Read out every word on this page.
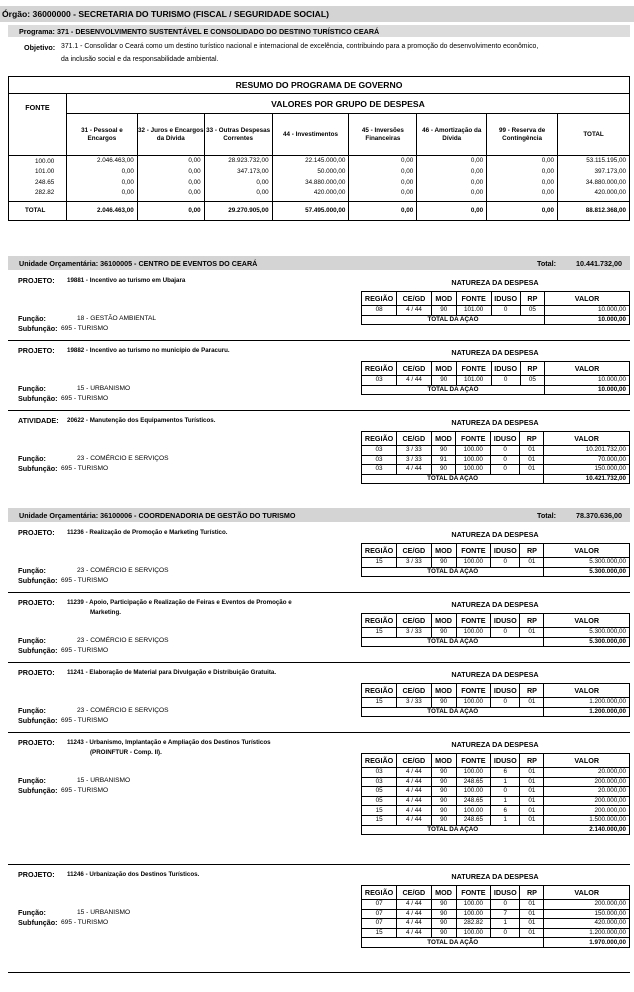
Órgão: 36000000 - SECRETARIA DO TURISMO (FISCAL / SEGURIDADE SOCIAL)
Programa: 371 - DESENVOLVIMENTO SUSTENTÁVEL E CONSOLIDADO DO DESTINO TURÍSTICO CEARÁ
Objetivo: 371.1 - Consolidar o Ceará como um destino turístico nacional e internacional de excelência, contribuindo para a promoção do desenvolvimento econômico,
da inclusão social e da responsabilidade ambiental.
RESUMO DO PROGRAMA DE GOVERNO								
FONTE	VALORES POR GRUPO DE DESPESA							
	31 - Pessoal e Encargos	32 - Juros e Encargos da Dívida	33 - Outras Despesas Correntes	44 - Investimentos	45 - Inversões Financeiras	46 - Amortização da Dívida	99 - Reserva de Contingência	TOTAL
100.00	2.046.463,00	0,00	28.923.732,00	22.145.000,00	0,00	0,00	0,00	53.115.195,00
101.00	0,00	0,00	347.173,00	50.000,00	0,00	0,00	0,00	397.173,00
248.65	0,00	0,00	0,00	34.880.000,00	0,00	0,00	0,00	34.880.000,00
282.82	0,00	0,00	0,00	420.000,00	0,00	0,00	0,00	420.000,00
TOTAL	2.046.463,00	0,00	29.270.905,00	57.495.000,00	0,00	0,00	0,00	88.812.368,00
Unidade Orçamentária: 36100005 - CENTRO DE EVENTOS DO CEARÁ	Total:	10.441.732,00
Unidade Orçamentária: 36100006 - COORDENADORIA DE GESTÃO DO TURISMO	Total:	78.370.636,00
PROJETO: 19881 - Incentivo ao turismo em Ubajara	NATUREZA DA DESPESA
REGIÃO	CE/GD	MOD	FONTE	IDUSO	RP	VALOR
08	4 / 44	90	101.00	0	05	10.000,00
TOTAL DA AÇÃO						10.000,00
Função:	18 - GESTÃO AMBIENTAL
Subfunção: 695 - TURISMO
PROJETO: 19882 - Incentivo ao turismo no município de Paracuru.	NATUREZA DA DESPESA
REGIÃO	CE/GD	MOD	FONTE	IDUSO	RP	VALOR
03	4 / 44	90	101.00	0	05	10.000,00
TOTAL DA AÇÃO						10.000,00
Função:	15 - URBANISMO
Subfunção: 695 - TURISMO
ATIVIDADE: 20622 - Manutenção dos Equipamentos Turísticos.	NATUREZA DA DESPESA
REGIÃO	CE/GD	MOD	FONTE	IDUSO	RP	VALOR
03	3 / 33	90	100.00	0	01	10.201.732,00
03	3 / 33	91	100.00	0	01	70.000,00
03	4 / 44	90	100.00	0	01	150.000,00
TOTAL DA AÇÃO						10.421.732,00
Função:	23 - COMÉRCIO E SERVIÇOS
Subfunção: 695 - TURISMO
PROJETO: 11236 - Realização de Promoção e Marketing Turístico.	NATUREZA DA DESPESA
REGIÃO	CE/GD	MOD	FONTE	IDUSO	RP	VALOR
15	3 / 33	90	100.00	0	01	5.300.000,00
TOTAL DA AÇÃO						5.300.000,00
Função:	23 - COMÉRCIO E SERVIÇOS
Subfunção: 695 - TURISMO
PROJETO: 11239 - Apoio, Participação e Realização de Feiras e Eventos de Promoção e
Marketing.
NATUREZA DA DESPESA
REGIÃO	CE/GD	MOD	FONTE	IDUSO	RP	VALOR
15	3 / 33	90	100.00	0	01	5.300.000,00
TOTAL DA AÇÃO						5.300.000,00
Função:	23 - COMÉRCIO E SERVIÇOS
Subfunção: 695 - TURISMO
PROJETO: 11241 - Elaboração de Material para Divulgação e Distribuição Gratuita.	NATUREZA DA DESPESA
REGIÃO	CE/GD	MOD	FONTE	IDUSO	RP	VALOR
15	3 / 33	90	100.00	0	01	1.200.000,00
TOTAL DA AÇÃO						1.200.000,00
Função:	23 - COMÉRCIO E SERVIÇOS
Subfunção: 695 - TURISMO
PROJETO: 11243 - Urbanismo, Implantação e Ampliação dos Destinos Turísticos
(PROINFTUR - Comp. II).
NATUREZA DA DESPESA
REGIÃO	CE/GD	MOD	FONTE	IDUSO	RP	VALOR
03	4 / 44	90	100.00	6	01	20.000,00
03	4 / 44	90	248.65	1	01	200.000,00
05	4 / 44	90	100.00	0	01	20.000,00
05	4 / 44	90	248.65	1	01	200.000,00
15	4 / 44	90	100.00	6	01	200.000,00
15	4 / 44	90	248.65	1	01	1.500.000,00
TOTAL DA AÇÃO						2.140.000,00
Função:	15 - URBANISMO
Subfunção: 695 - TURISMO
PROJETO: 11246 - Urbanização dos Destinos Turísticos.	NATUREZA DA DESPESA
REGIÃO	CE/GD	MOD	FONTE	IDUSO	RP	VALOR
07	4 / 44	90	100.00	0	01	200.000,00
07	4 / 44	90	100.00	7	01	150.000,00
07	4 / 44	90	282.82	1	01	420.000,00
15	4 / 44	90	100.00	0	01	1.200.000,00
TOTAL DA AÇÃO						1.970.000,00
Função:	15 - URBANISMO
Subfunção: 695 - TURISMO
